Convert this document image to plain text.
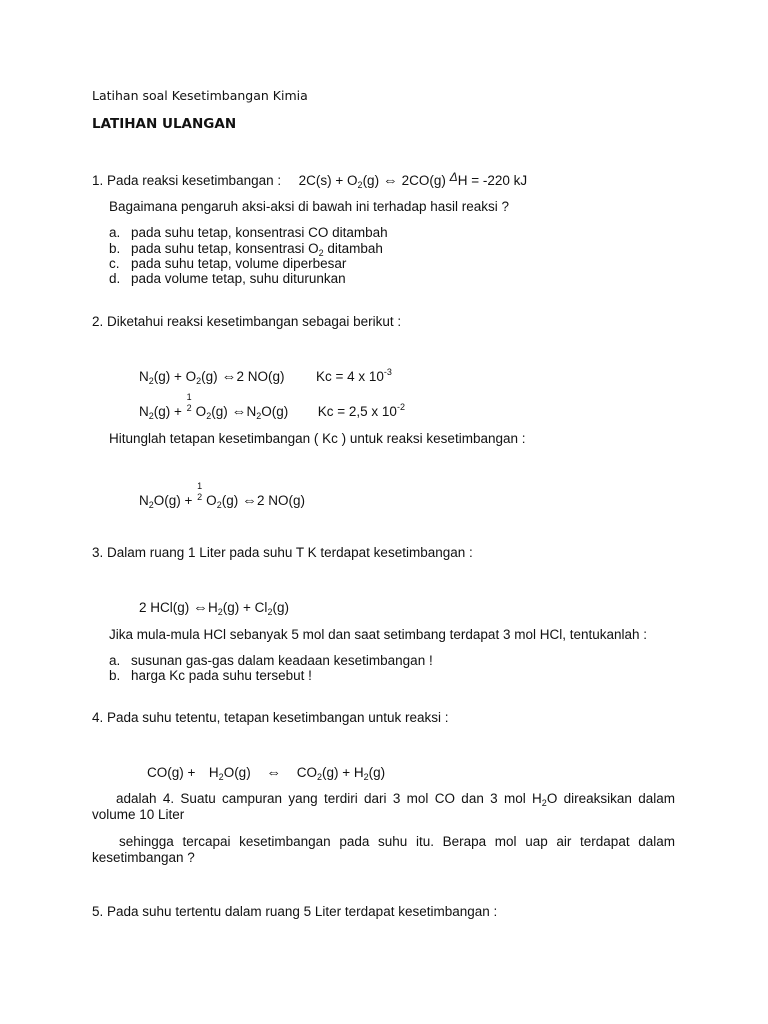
Latihan soal Kesetimbangan Kimia
LATIHAN ULANGAN
1. Pada reaksi kesetimbangan : $2C(s) + O_2(g)$ ⇔ 2CO(g) $^\Delta$H = -220 kJ
Bagaimana pengaruh aksi-aksi di bawah ini terhadap hasil reaksi ?
a. pada suhu tetap, konsentrasi CO ditambah
b. pada suhu tetap, konsentrasi $O_2$ ditambah
c. pada suhu tetap, volume diperbesar
d. pada volume tetap, suhu diturunkan
2. Diketahui reaksi kesetimbangan sebagai berikut :
$N_2(g) + O_2(g)$ ⇔2 NO(g) Kc = 4 x $10^{-3}$
$N_2(g)$ +
1
2 $O_2(g)$ $\Leftrightarrow N_2O(g) Kc = 2,5$ x $10^{-2}$
Hitunglah tetapan kesetimbangan ( Kc ) untuk reaksi kesetimbangan :
$N_2O(g)$ +
1
2 $O_2(g)$ ⇔2 NO(g)
3. Dalam ruang 1 Liter pada suhu T K terdapat kesetimbangan :
2 HCl(g) $\Leftrightarrow H_2(g) + Cl_2(g)$
Jika mula-mula HCl sebanyak 5 mol dan saat setimbang terdapat 3 mol HCl, tentukanlah :
a. susunan gas-gas dalam keadaan kesetimbangan !
b. harga Kc pada suhu tersebut !
4. Pada suhu tetentu, tetapan kesetimbangan untuk reaksi :
$CO(g) + H_2O(g)$ ⇔ $CO_2(g) + H_2(g)$
adalah 4. Suatu campuran yang terdiri dari 3 mol CO dan 3 mol $H_2O$ direaksikan dalam volume 10 Liter
sehingga tercapai kesetimbangan pada suhu itu. Berapa mol uap air terdapat dalam kesetimbangan ?
5. Pada suhu tertentu dalam ruang 5 Liter terdapat kesetimbangan :
